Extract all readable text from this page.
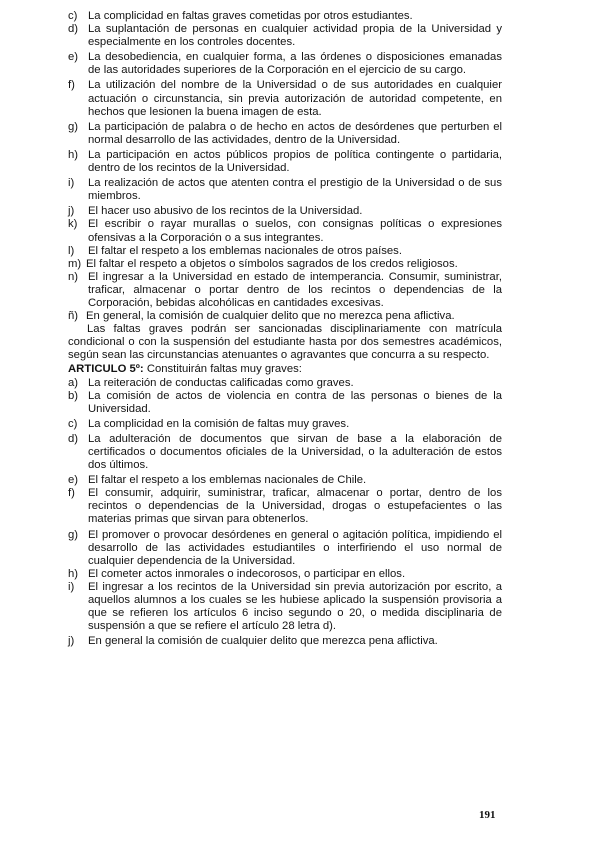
c) La complicidad en faltas graves cometidas por otros estudiantes.
d) La suplantación de personas en cualquier actividad propia de la Universidad y especialmente en los controles docentes.
e) La desobediencia, en cualquier forma, a las órdenes o disposiciones emanadas de las autoridades superiores de la Corporación en el ejercicio de su cargo.
f)	La utilización del nombre de la Universidad o de sus autoridades en cualquier actuación o circunstancia, sin previa autorización de autoridad competente, en hechos que lesionen la buena imagen de esta.
g) La participación de palabra o de hecho en actos de desórdenes que perturben el normal desarrollo de las actividades, dentro de la Universidad.
h) La participación en actos públicos propios de política contingente o partidaria, dentro de los recintos de la Universidad.
i)	La realización de actos que atenten contra el prestigio de la Universidad o de sus miembros.
j)	El hacer uso abusivo de los recintos de la Universidad.
k) El escribir o rayar murallas o suelos, con consignas políticas o expresiones ofensivas a la Corporación o a sus integrantes.
l)	El faltar el respeto a los emblemas nacionales de otros países.
m) El faltar el respeto a objetos o símbolos sagrados de los credos religiosos.
n) El ingresar a la Universidad en estado de intemperancia. Consumir, suministrar, traficar, almacenar o portar dentro de los recintos o dependencias de la Corporación, bebidas alcohólicas en cantidades excesivas.
ñ) En general, la comisión de cualquier delito que no merezca pena aflictiva.

Las faltas graves podrán ser sancionadas disciplinariamente con matrícula condicional o con la suspensión del estudiante hasta por dos semestres académicos, según sean las circunstancias atenuantes o agravantes que concurra a su respecto.

ARTICULO 5º: Constituirán faltas muy graves:
a) La reiteración de conductas calificadas como graves.
b) La comisión de actos de violencia en contra de las personas o bienes de la Universidad.
c) La complicidad en la comisión de faltas muy graves.
d) La adulteración de documentos que sirvan de base a la elaboración de certificados o documentos oficiales de la Universidad, o la adulteración de estos dos últimos.
e) El faltar el respeto a los emblemas nacionales de Chile.
f)	El consumir, adquirir, suministrar, traficar, almacenar o portar, dentro de los recintos o dependencias de la Universidad, drogas o estupefacientes o las materias primas que sirvan para obtenerlos.
g) El promover o provocar desórdenes en general o agitación política, impidiendo el desarrollo de las actividades estudiantiles o interfiriendo el uso normal de cualquier dependencia de la Universidad.
h) El cometer actos inmorales o indecorosos, o participar en ellos.
i)	El ingresar a los recintos de la Universidad sin previa autorización por escrito, a aquellos alumnos a los cuales se les hubiese aplicado la suspensión provisoria a que se refieren los artículos 6 inciso segundo o 20, o medida disciplinaria de suspensión a que se refiere el artículo 28 letra d).
j)	En general la comisión de cualquier delito que merezca pena aflictiva.
191
